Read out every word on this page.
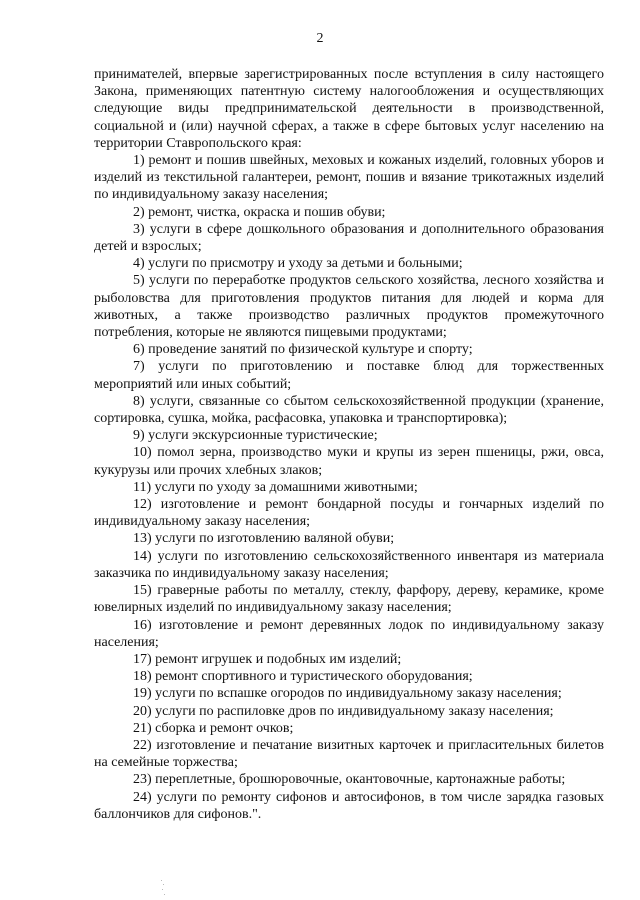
2

принимателей, впервые зарегистрированных после вступления в силу настоящего Закона, применяющих патентную систему налогообложения и осуществляющих следующие виды предпринимательской деятельности в производственной, социальной и (или) научной сферах, а также в сфере бытовых услуг населению на территории Ставропольского края:

1) ремонт и пошив швейных, меховых и кожаных изделий, головных уборов и изделий из текстильной галантереи, ремонт, пошив и вязание трикотажных изделий по индивидуальному заказу населения;

2) ремонт, чистка, окраска и пошив обуви;

3) услуги в сфере дошкольного образования и дополнительного образования детей и взрослых;

4) услуги по присмотру и уходу за детьми и больными;

5) услуги по переработке продуктов сельского хозяйства, лесного хозяйства и рыболовства для приготовления продуктов питания для людей и корма для животных, а также производство различных продуктов промежуточного потребления, которые не являются пищевыми продуктами;

6) проведение занятий по физической культуре и спорту;

7) услуги по приготовлению и поставке блюд для торжественных мероприятий или иных событий;

8) услуги, связанные со сбытом сельскохозяйственной продукции (хранение, сортировка, сушка, мойка, расфасовка, упаковка и транспортировка);

9) услуги экскурсионные туристические;

10) помол зерна, производство муки и крупы из зерен пшеницы, ржи, овса, кукурузы или прочих хлебных злаков;

11) услуги по уходу за домашними животными;

12) изготовление и ремонт бондарной посуды и гончарных изделий по индивидуальному заказу населения;

13) услуги по изготовлению валяной обуви;

14) услуги по изготовлению сельскохозяйственного инвентаря из материала заказчика по индивидуальному заказу населения;

15) граверные работы по металлу, стеклу, фарфору, дереву, керамике, кроме ювелирных изделий по индивидуальному заказу населения;

16) изготовление и ремонт деревянных лодок по индивидуальному заказу населения;

17) ремонт игрушек и подобных им изделий;

18) ремонт спортивного и туристического оборудования;

19) услуги по вспашке огородов по индивидуальному заказу населения;

20) услуги по распиловке дров по индивидуальному заказу населения;

21) сборка и ремонт очков;

22) изготовление и печатание визитных карточек и пригласительных билетов на семейные торжества;

23) переплетные, брошюровочные, окантовочные, картонажные работы;

24) услуги по ремонту сифонов и автосифонов, в том числе зарядка газовых баллончиков для сифонов.".
